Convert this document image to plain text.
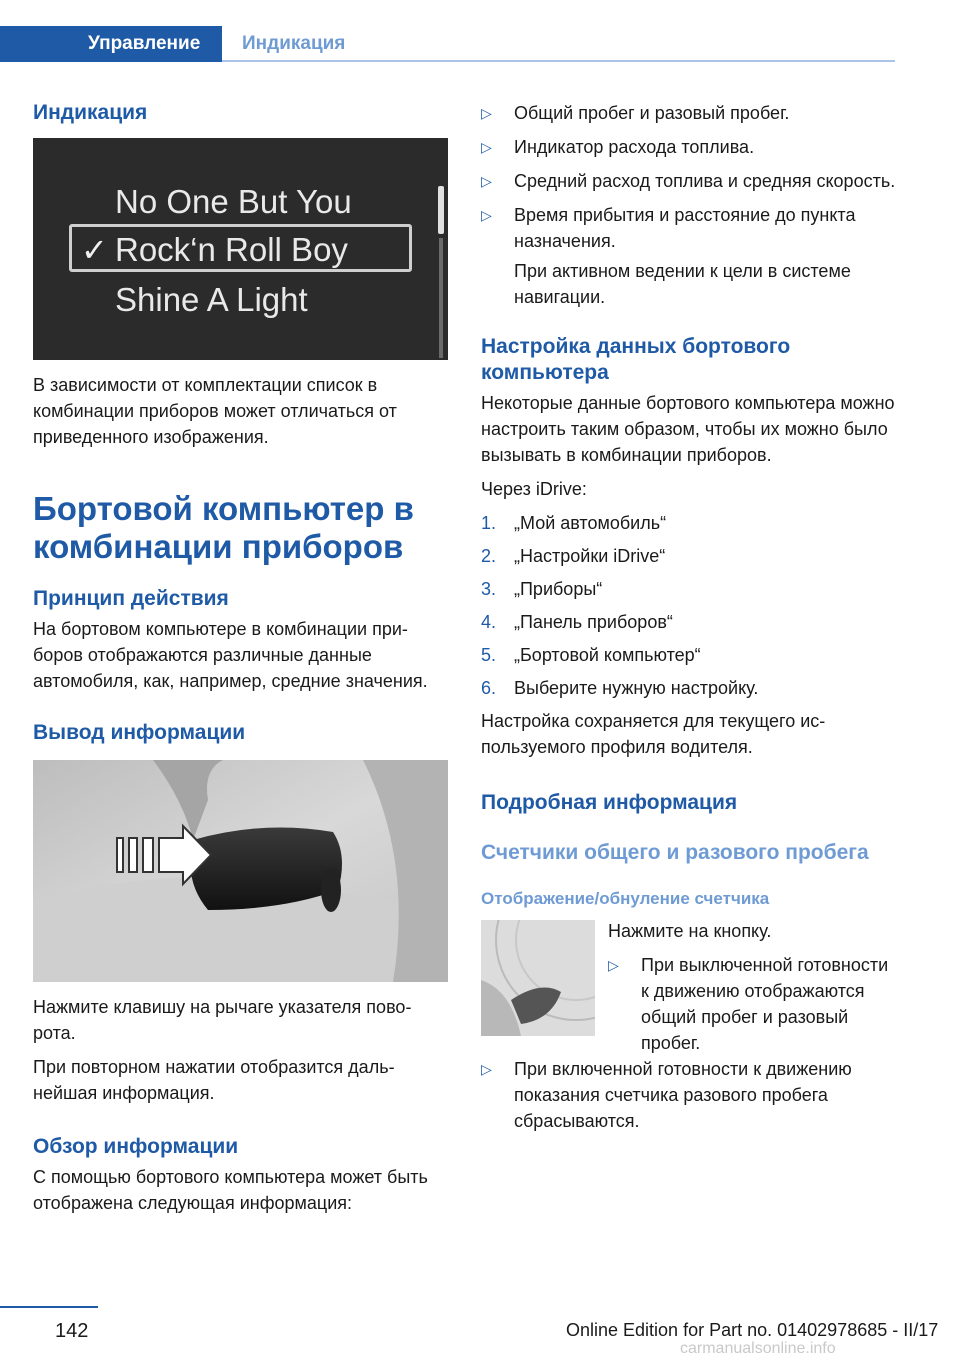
Управление	Индикация
Индикация
No One But You
✓ Rock‘n Roll Boy
Shine A Light

В зависимости от комплектации список в комбинации приборов может отличаться от приведенного изображения.

Бортовой компьютер в
комбинации приборов
Принцип действия

На бортовом компьютере в комбинации приборов отображаются различные данные автомобиля, как, например, средние значения.

Вывод информации

Нажмите клавишу на рычаге указателя поворота.

При повторном нажатии отобразится дальнейшая информация.

Обзор информации

С помощью бортового компьютера может быть отображена следующая информация:

▷ Общий пробег и разовый пробег.
▷ Индикатор расхода топлива.
▷ Средний расход топлива и средняя скорость.
▷ Время прибытия и расстояние до пункта назначения.

При активном ведении к цели в системе навигации.

Настройка данных бортового компьютера

Некоторые данные бортового компьютера можно настроить таким образом, чтобы их можно было вызывать в комбинации приборов.

Через iDrive:

1. „Мой автомобиль“
2. „Настройки iDrive“
3. „Приборы“
4. „Панель приборов“
5. „Бортовой компьютер“
6. Выберите нужную настройку.

Настройка сохраняется для текущего используемого профиля водителя.

Подробная информация
Счетчики общего и разового пробега
Отображение/обнуление счетчика

Нажмите на кнопку.

▷ При выключенной готовности к движению отображаются общий пробег и разовый пробег.
▷ При включенной готовности к движению показания счетчика разового пробега сбрасываются.
142	Online Edition for Part no. 01402978685 - II/17
carmanualsonline.info
